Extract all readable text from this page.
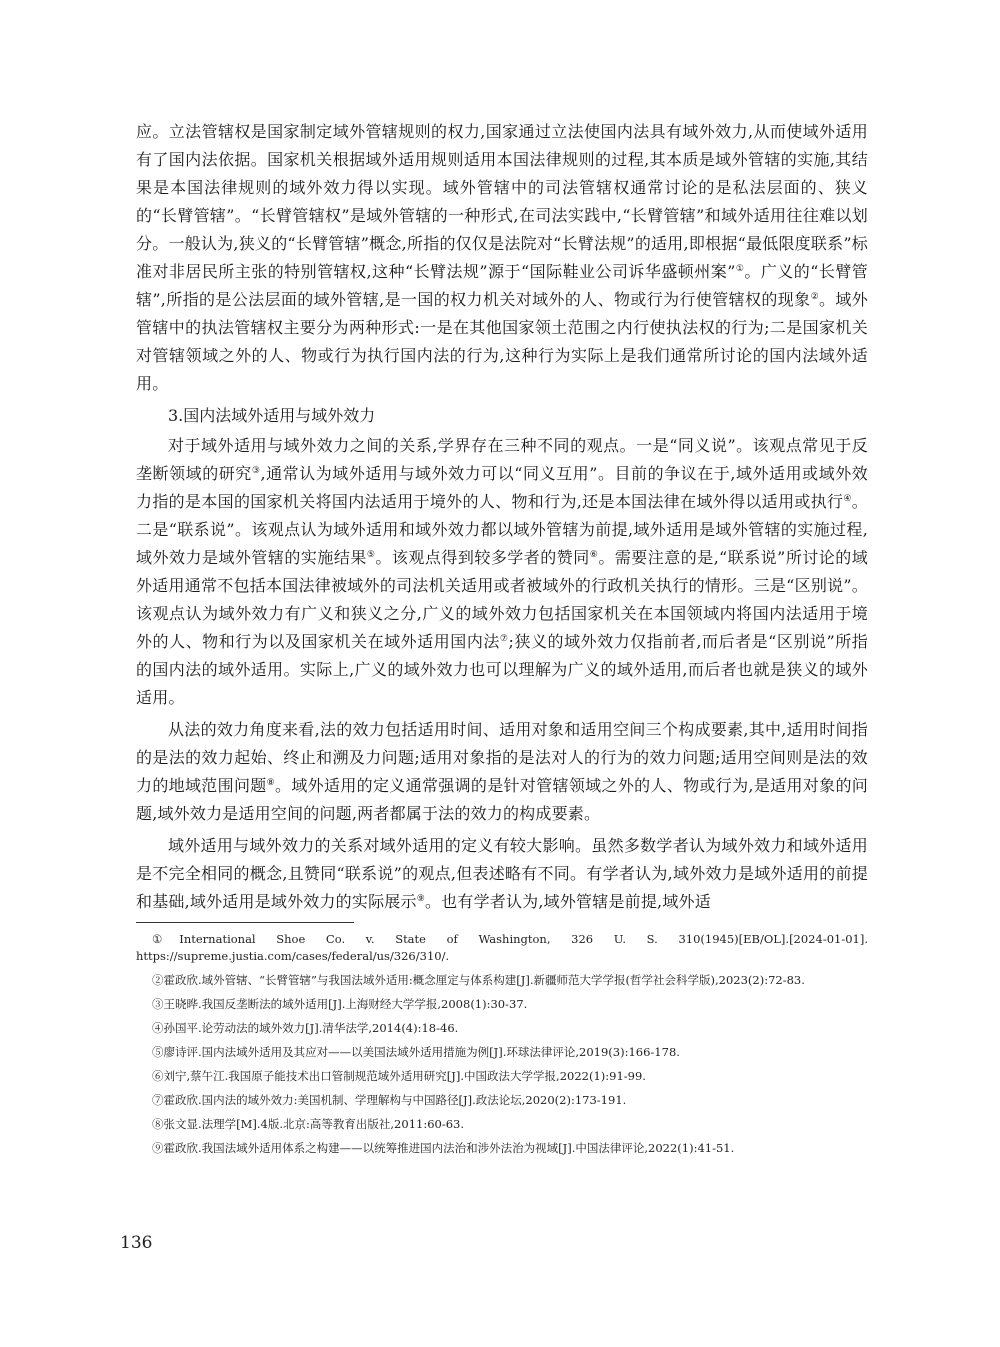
应。立法管辖权是国家制定域外管辖规则的权力,国家通过立法使国内法具有域外效力,从而使域外适用有了国内法依据。国家机关根据域外适用规则适用本国法律规则的过程,其本质是域外管辖的实施,其结果是本国法律规则的域外效力得以实现。域外管辖中的司法管辖权通常讨论的是私法层面的、狭义的“长臂管辖”。“长臂管辖权”是域外管辖的一种形式,在司法实践中,“长臂管辖”和域外适用往往难以划分。一般认为,狭义的“长臂管辖”概念,所指的仅仅是法院对“长臂法规”的适用,即根据“最低限度联系”标准对非居民所主张的特别管辖权,这种“长臂法规”源于“国际鞋业公司诉华盛顿州案”①。广义的“长臂管辖”,所指的是公法层面的域外管辖,是一国的权力机关对域外的人、物或行为行使管辖权的现象②。域外管辖中的执法管辖权主要分为两种形式:一是在其他国家领土范围之内行使执法权的行为;二是国家机关对管辖领域之外的人、物或行为执行国内法的行为,这种行为实际上是我们通常所讨论的国内法域外适用。

3.国内法域外适用与域外效力

对于域外适用与域外效力之间的关系,学界存在三种不同的观点。一是“同义说”。该观点常见于反垄断领域的研究③,通常认为域外适用与域外效力可以“同义互用”。目前的争议在于,域外适用或域外效力指的是本国的国家机关将国内法适用于境外的人、物和行为,还是本国法律在域外得以适用或执行④。二是“联系说”。该观点认为域外适用和域外效力都以域外管辖为前提,域外适用是域外管辖的实施过程,域外效力是域外管辖的实施结果⑤。该观点得到较多学者的赞同⑥。需要注意的是,“联系说”所讨论的域外适用通常不包括本国法律被域外的司法机关适用或者被域外的行政机关执行的情形。三是“区别说”。该观点认为域外效力有广义和狭义之分,广义的域外效力包括国家机关在本国领域内将国内法适用于境外的人、物和行为以及国家机关在域外适用国内法⑦;狭义的域外效力仅指前者,而后者是“区别说”所指的国内法的域外适用。实际上,广义的域外效力也可以理解为广义的域外适用,而后者也就是狭义的域外适用。

从法的效力角度来看,法的效力包括适用时间、适用对象和适用空间三个构成要素,其中,适用时间指的是法的效力起始、终止和溯及力问题;适用对象指的是法对人的行为的效力问题;适用空间则是法的效力的地域范围问题⑧。域外适用的定义通常强调的是针对管辖领域之外的人、物或行为,是适用对象的问题,域外效力是适用空间的问题,两者都属于法的效力的构成要素。

域外适用与域外效力的关系对域外适用的定义有较大影响。虽然多数学者认为域外效力和域外适用是不完全相同的概念,且赞同“联系说”的观点,但表述略有不同。有学者认为,域外效力是域外适用的前提和基础,域外适用是域外效力的实际展示⑨。也有学者认为,域外管辖是前提,域外适

①International Shoe Co. v. State of Washington, 326 U. S. 310(1945)[EB/OL].[2024-01-01]. https://supreme.justia.com/cases/federal/us/326/310/.

②霍政欣.域外管辖、“长臂管辖”与我国法域外适用:概念厘定与体系构建[J].新疆师范大学学报(哲学社会科学版),2023(2):72-83.

③王晓晔.我国反垄断法的域外适用[J].上海财经大学学报,2008(1):30-37.

④孙国平.论劳动法的域外效力[J].清华法学,2014(4):18-46.

⑤廖诗评.国内法域外适用及其应对——以美国法域外适用措施为例[J].环球法律评论,2019(3):166-178.

⑥刘宁,蔡午江.我国原子能技术出口管制规范域外适用研究[J].中国政法大学学报,2022(1):91-99.

⑦霍政欣.国内法的域外效力:美国机制、学理解构与中国路径[J].政法论坛,2020(2):173-191.

⑧张文显.法理学[M].4版.北京:高等教育出版社,2011:60-63.

⑨霍政欣.我国法域外适用体系之构建——以统筹推进国内法治和涉外法治为视域[J].中国法律评论,2022(1):41-51.

136
